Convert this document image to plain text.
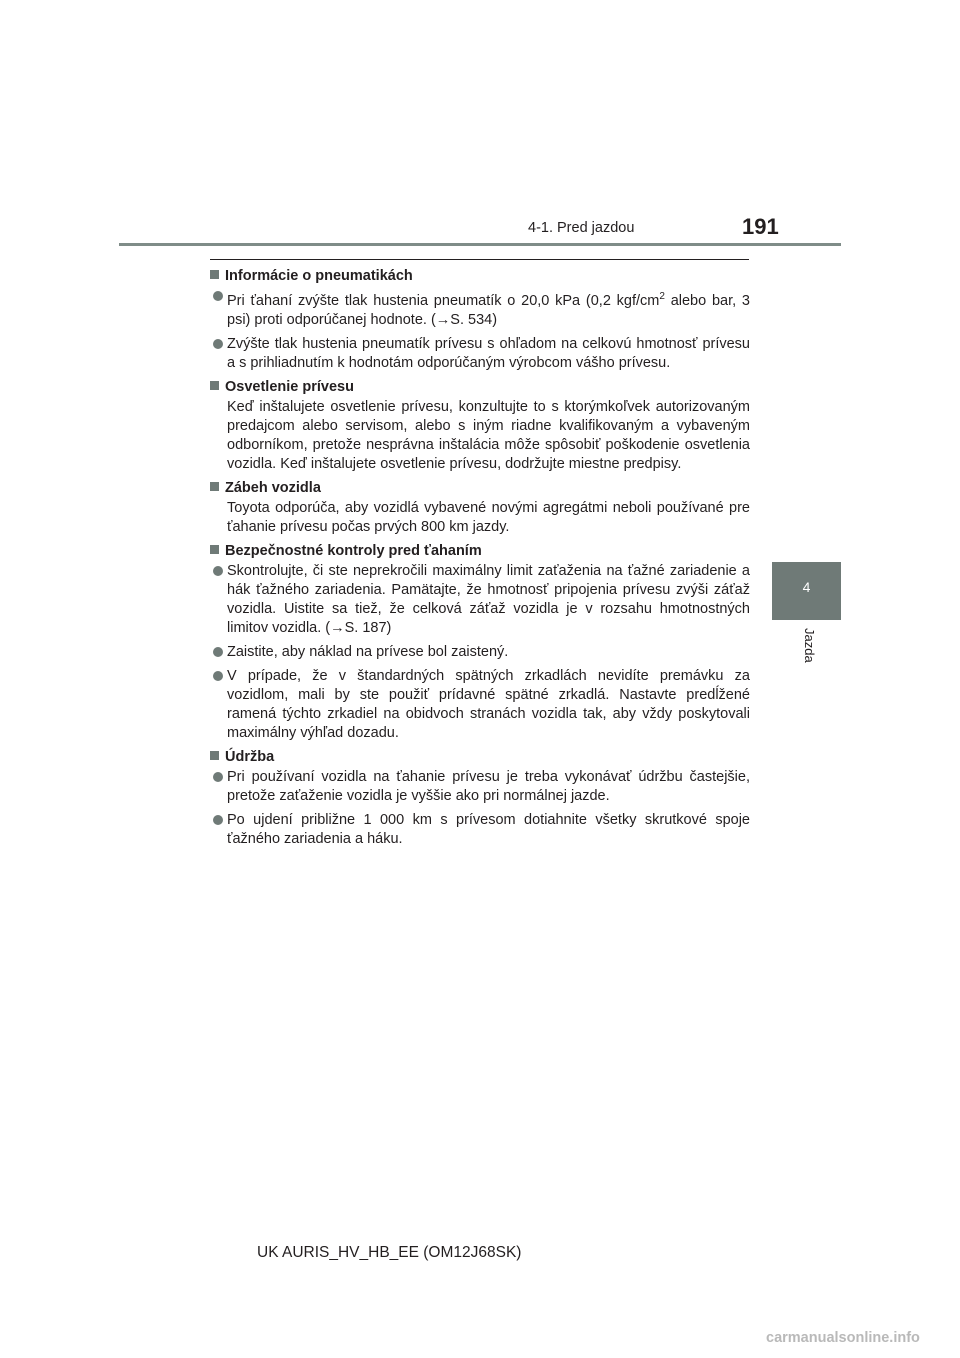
4-1. Pred jazdou	191
4
Jazda
Informácie o pneumatikách
Pri ťahaní zvýšte tlak hustenia pneumatík o 20,0 kPa (0,2 kgf/$cm^2$ alebo bar, 3 psi) proti odporúčanej hodnote. (→S. 534)
Zvýšte tlak hustenia pneumatík prívesu s ohľadom na celkovú hmotnosť prívesu a s prihliadnutím k hodnotám odporúčaným výrobcom vášho prívesu.
Osvetlenie prívesu
Keď inštalujete osvetlenie prívesu, konzultujte to s ktorýmkoľvek autorizovaným predajcom alebo servisom, alebo s iným riadne kvalifikovaným a vybaveným odborníkom, pretože nesprávna inštalácia môže spôsobiť poškodenie osvetlenia vozidla. Keď inštalujete osvetlenie prívesu, dodržujte miestne predpisy.
Zábeh vozidla
Toyota odporúča, aby vozidlá vybavené novými agregátmi neboli používané pre ťahanie prívesu počas prvých 800 km jazdy.
Bezpečnostné kontroly pred ťahaním
Skontrolujte, či ste neprekročili maximálny limit zaťaženia na ťažné zariadenie a hák ťažného zariadenia. Pamätajte, že hmotnosť pripojenia prívesu zvýši záťaž vozidla. Uistite sa tiež, že celková záťaž vozidla je v rozsahu hmotnostných limitov vozidla. (→S. 187)
Zaistite, aby náklad na prívese bol zaistený.
V prípade, že v štandardných spätných zrkadlách nevidíte premávku za vozidlom, mali by ste použiť prídavné spätné zrkadlá. Nastavte predĺžené ramená týchto zrkadiel na obidvoch stranách vozidla tak, aby vždy poskytovali maximálny výhľad dozadu.
Údržba
Pri používaní vozidla na ťahanie prívesu je treba vykonávať údržbu častejšie, pretože zaťaženie vozidla je vyššie ako pri normálnej jazde.
Po ujdení približne 1 000 km s prívesom dotiahnite všetky skrutkové spoje ťažného zariadenia a háku.
UK AURIS_HV_HB_EE (OM12J68SK)
carmanualsonline.info
